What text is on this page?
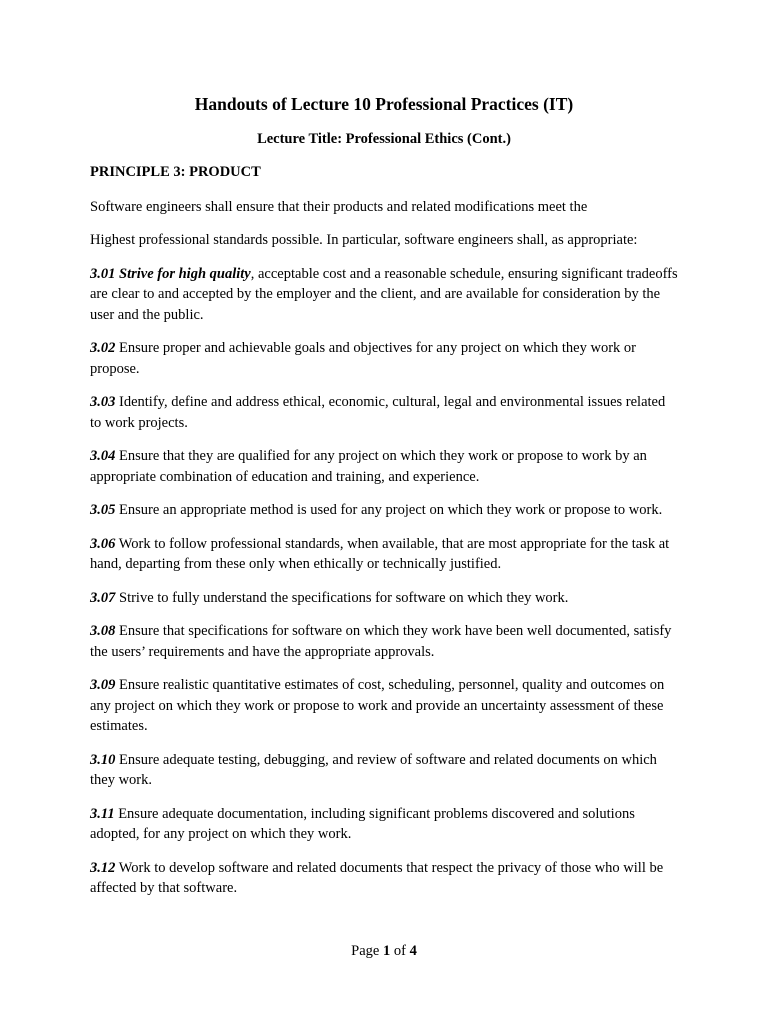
Handouts of Lecture 10 Professional Practices (IT)
Lecture Title: Professional Ethics (Cont.)

PRINCIPLE 3: PRODUCT

Software engineers shall ensure that their products and related modifications meet the

Highest professional standards possible. In particular, software engineers shall, as appropriate:

3.01 Strive for high quality, acceptable cost and a reasonable schedule, ensuring significant tradeoffs are clear to and accepted by the employer and the client, and are available for consideration by the user and the public.

3.02 Ensure proper and achievable goals and objectives for any project on which they work or propose.

3.03 Identify, define and address ethical, economic, cultural, legal and environmental issues related to work projects.

3.04 Ensure that they are qualified for any project on which they work or propose to work by an appropriate combination of education and training, and experience.

3.05 Ensure an appropriate method is used for any project on which they work or propose to work.

3.06 Work to follow professional standards, when available, that are most appropriate for the task at hand, departing from these only when ethically or technically justified.

3.07 Strive to fully understand the specifications for software on which they work.

3.08 Ensure that specifications for software on which they work have been well documented, satisfy the users’ requirements and have the appropriate approvals.

3.09 Ensure realistic quantitative estimates of cost, scheduling, personnel, quality and outcomes on any project on which they work or propose to work and provide an uncertainty assessment of these estimates.

3.10 Ensure adequate testing, debugging, and review of software and related documents on which they work.

3.11 Ensure adequate documentation, including significant problems discovered and solutions adopted, for any project on which they work.

3.12 Work to develop software and related documents that respect the privacy of those who will be affected by that software.

Page 1 of 4
